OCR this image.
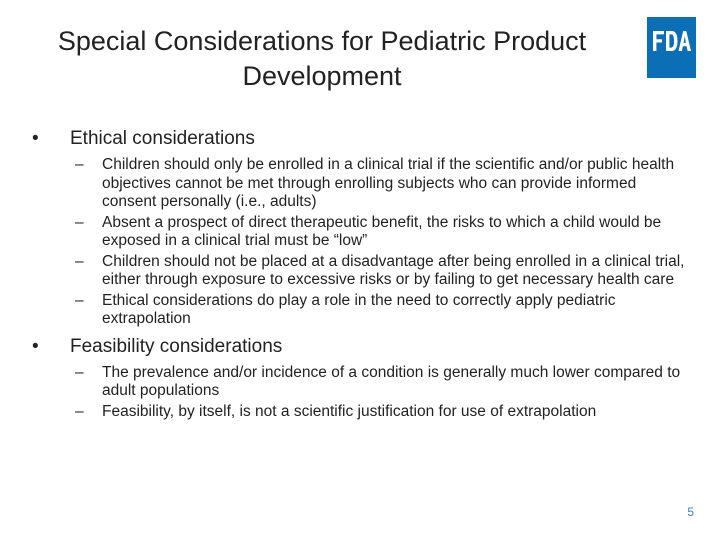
Special Considerations for Pediatric Product Development
•	Ethical considerations
– Children should only be enrolled in a clinical trial if the scientific and/or public health objectives cannot be met through enrolling subjects who can provide informed consent personally (i.e., adults)
– Absent a prospect of direct therapeutic benefit, the risks to which a child would be exposed in a clinical trial must be “low”
– Children should not be placed at a disadvantage after being enrolled in a clinical trial, either through exposure to excessive risks or by failing to get necessary health care
– Ethical considerations do play a role in the need to correctly apply pediatric extrapolation
•	Feasibility considerations
– The prevalence and/or incidence of a condition is generally much lower compared to adult populations
– Feasibility, by itself, is not a scientific justification for use of extrapolation
5
